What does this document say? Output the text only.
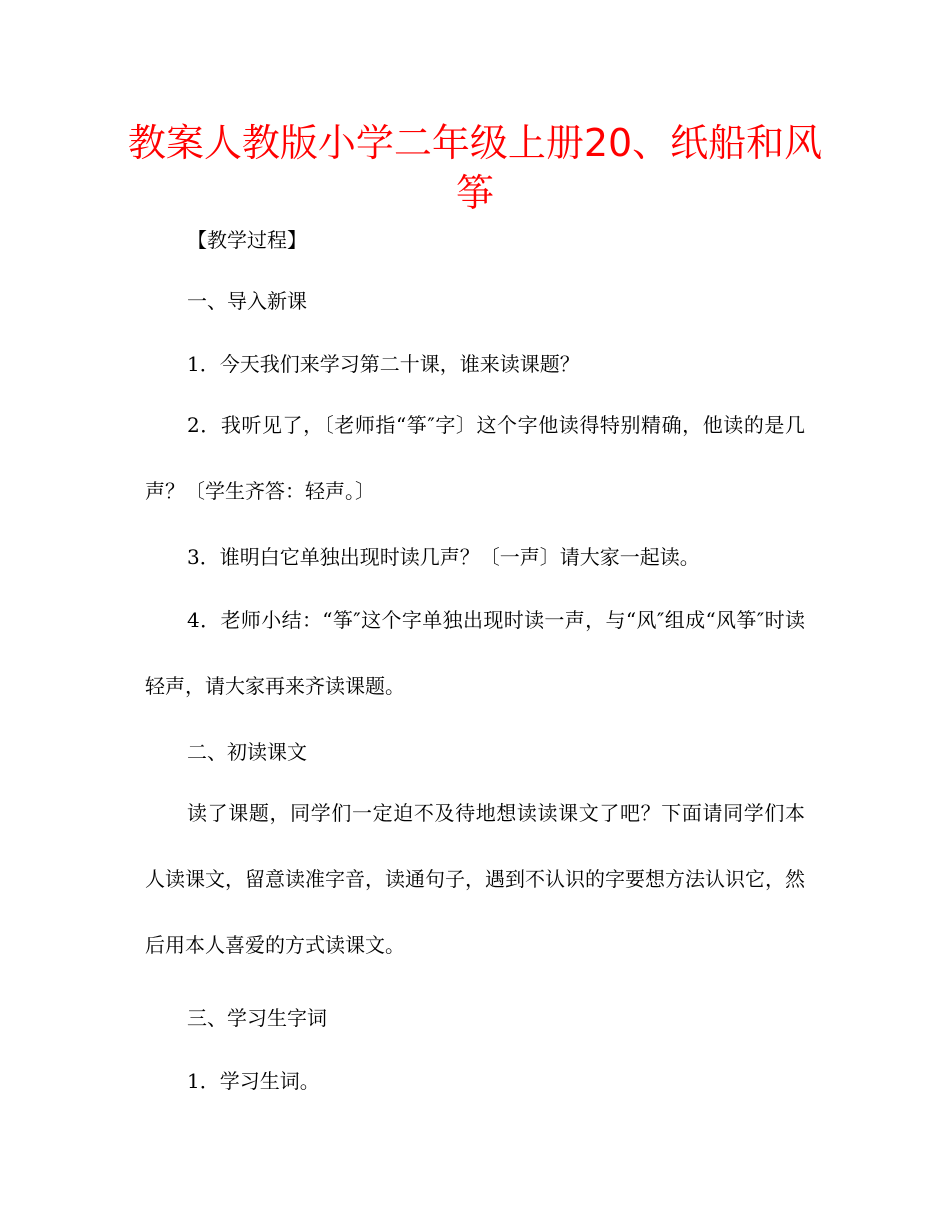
教案人教版小学二年级上册20、纸船和风筝

【教学过程】

一、导入新课

1．今天我们来学习第二十课，谁来读课题？

2．我听见了，〔老师指“筝″字〕这个字他读得特别精确，他读的是几声？〔学生齐答：轻声。〕

3．谁明白它单独出现时读几声？〔一声〕请大家一起读。

4．老师小结：“筝″这个字单独出现时读一声，与“风″组成“风筝″时读轻声，请大家再来齐读课题。

二、初读课文

读了课题，同学们一定迫不及待地想读读课文了吧？下面请同学们本人读课文，留意读准字音，读通句子，遇到不认识的字要想方法认识它，然后用本人喜爱的方式读课文。

三、学习生字词

1．学习生词。
